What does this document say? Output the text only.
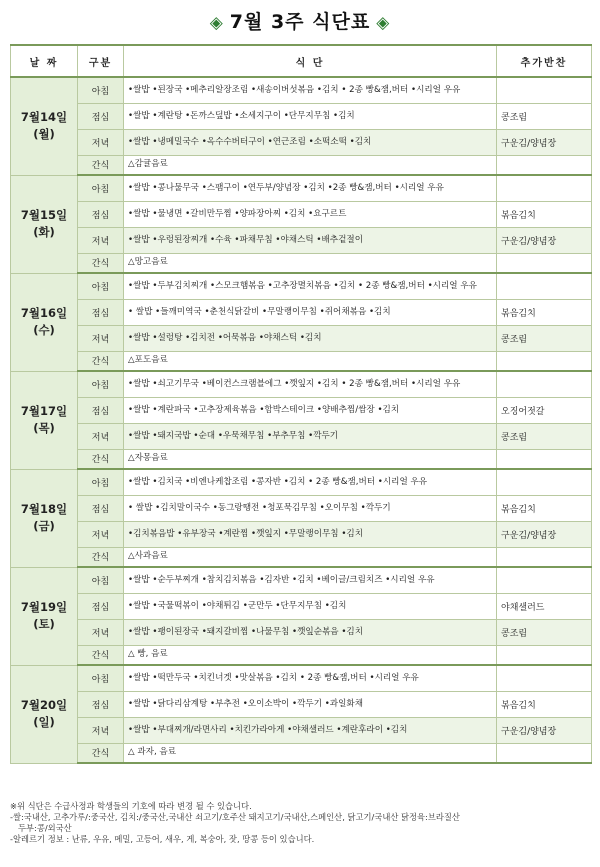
◈ 7월 3주 식단표 ◈
날 짜	구분	식 단	추가반찬

7월14일
(월)	아침	•쌀밥 •된장국 •메추리알장조림 •새송이버섯볶음 •김치 • 2종 빵&잼,버터 •시리얼 우유	
	점심	•쌀밥 •계란탕 •돈까스덮밥 •소세지구이 •단무지무침 •김치	콩조림
	저녁	•쌀밥 •냉메밀국수 •옥수수버터구이 •연근조림 •소떡소떡 •김치	구운김/양념장
	간식	△감귤음료	

7월15일
(화)	아침	•쌀밥 •콩나물무국 •스팸구이 •연두부/양념장 •김치 •2종 빵&잼,버터 •시리얼 우유	
	점심	•쌀밥 •물냉면 •갈비만두찜 •양파장아찌 •김치 •요구르트	볶음김치
	저녁	•쌀밥 •우렁된장찌개 •수육 •파채무침 •야채스틱 •배추겉절이	구운김/양념장
	간식	△망고음료	

7월16일
(수)	아침	•쌀밥 •두부김치찌개 •스모크햄볶음 •고추장멸치볶음 •김치 • 2종 빵&잼,버터 •시리얼 우유	
	점심	• 쌀밥 •들깨미역국 •춘천식닭갈비 •무말랭이무침 •쥐어채볶음 •김치	볶음김치
	저녁	•쌀밥 •설렁탕 •김치전 •어묵볶음 •야채스틱 •김치	콩조림
	간식	△포도음료	

7월17일
(목)	아침	•쌀밥 •쇠고기무국 •베이컨스크램블에그 •깻잎지 •김치 • 2종 빵&잼,버터 •시리얼 우유	
	점심	•쌀밥 •계란파국 •고추장제육볶음 •함박스테이크 •양배추찜/쌈장 •김치	오징어젓갈
	저녁	•쌀밥 •돼지국밥 •순대 •우묵채무침 •부추무침 •깍두기	콩조림
	간식	△자몽음료	

7월18일
(금)	아침	•쌀밥 •김치국 •비엔나케찹조림 •콩자반 •김치 • 2종 빵&잼,버터 •시리얼 우유	
	점심	• 쌀밥 •김치말이국수 •동그랑땡전 •청포묵김무침 •오이무침 •깍두기	볶음김치
	저녁	•김치볶음밥 •유부장국 •계란찜 •깻잎지 •무말랭이무침 •김치	구운김/양념장
	간식	△사과음료	

7월19일
(토)	아침	•쌀밥 •순두부찌개 •참치김치볶음 •김자반 •김치 •베이글/크림치즈 •시리얼 우유	
	점심	•쌀밥 •국물떡볶이 •야채튀김 •군만두 •단무지무침 •김치	야채샐러드
	저녁	•쌀밥 •팽이된장국 •돼지갈비찜 •나물무침 •깻잎순볶음 •김치	콩조림
	간식	△ 빵, 음료	

7월20일
(일)	아침	•쌀밥 •떡만두국 •치킨너겟 •맛살볶음 •김치 • 2종 빵&잼,버터 •시리얼 우유	
	점심	•쌀밥 •닭다리삼계탕 •부추전 •오이소박이 •깍두기 •과일화채	볶음김치
	저녁	•쌀밥 •부대찌개/라면사리 •치킨가라아게 •야채샐러드 •계란후라이 •김치	구운김/양념장
	간식	△ 과자, 음료	
※위 식단은 수급사정과 학생들의 기호에 따라 변경 될 수 있습니다.
-쌀:국내산, 고추가루/:중국산, 김치:/중국산,국내산 쇠고기/호주산 돼지고기/국내산,스페인산, 닭고기/국내산 닭정육:브라질산
두부:콩/외국산
-알레르기 정보 : 난류, 우유, 메밀, 고등어, 새우, 게, 복숭아, 잣, 땅콩 등이 있습니다.
